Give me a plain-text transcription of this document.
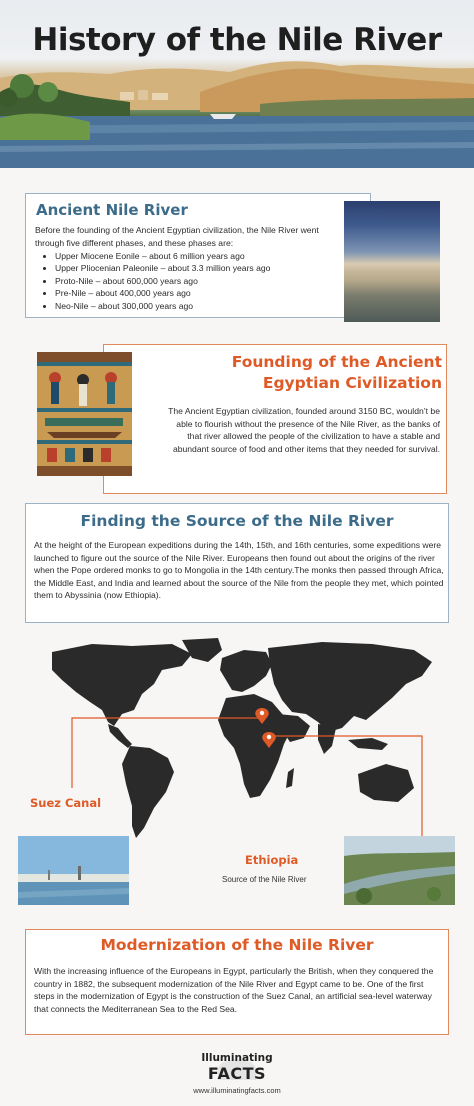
History of the Nile River
Ancient Nile River
Before the founding of the Ancient Egyptian civilization, the Nile River went through five different phases, and these phases are:
• Upper Miocene Eonile – about 6 million years ago
• Upper Pliocenian Paleonile – about 3.3 million years ago
• Proto-Nile – about 600,000 years ago
• Pre-Nile – about 400,000 years ago
• Neo-Nile – about 300,000 years ago
Founding of the Ancient
Egyptian Civilization
The Ancient Egyptian civilization, founded around 3150 BC, wouldn’t be able to flourish without the presence of the Nile River, as the banks of that river allowed the people of the civilization to have a stable and abundant source of food and other items that they needed for survival.
Finding the Source of the Nile River
At the height of the European expeditions during the 14th, 15th, and 16th centuries, some expeditions were launched to figure out the source of the Nile River. Europeans then found out about the origins of the river when the Pope ordered monks to go to Mongolia in the 14th century.The monks then passed through Africa, the Middle East, and India and learned about the source of the Nile from the people they met, which pointed them to Abyssinia (now Ethiopia).
Suez Canal
Ethiopia
Source of the Nile River
Modernization of the Nile River
With the increasing influence of the Europeans in Egypt, particularly the British, when they conquered the country in 1882, the subsequent modernization of the Nile River and Egypt came to be. One of the first steps in the modernization of Egypt is the construction of the Suez Canal, an artificial sea-level waterway that connects the Mediterranean Sea to the Red Sea.
Illuminating
FACTS
www.illuminatingfacts.com
